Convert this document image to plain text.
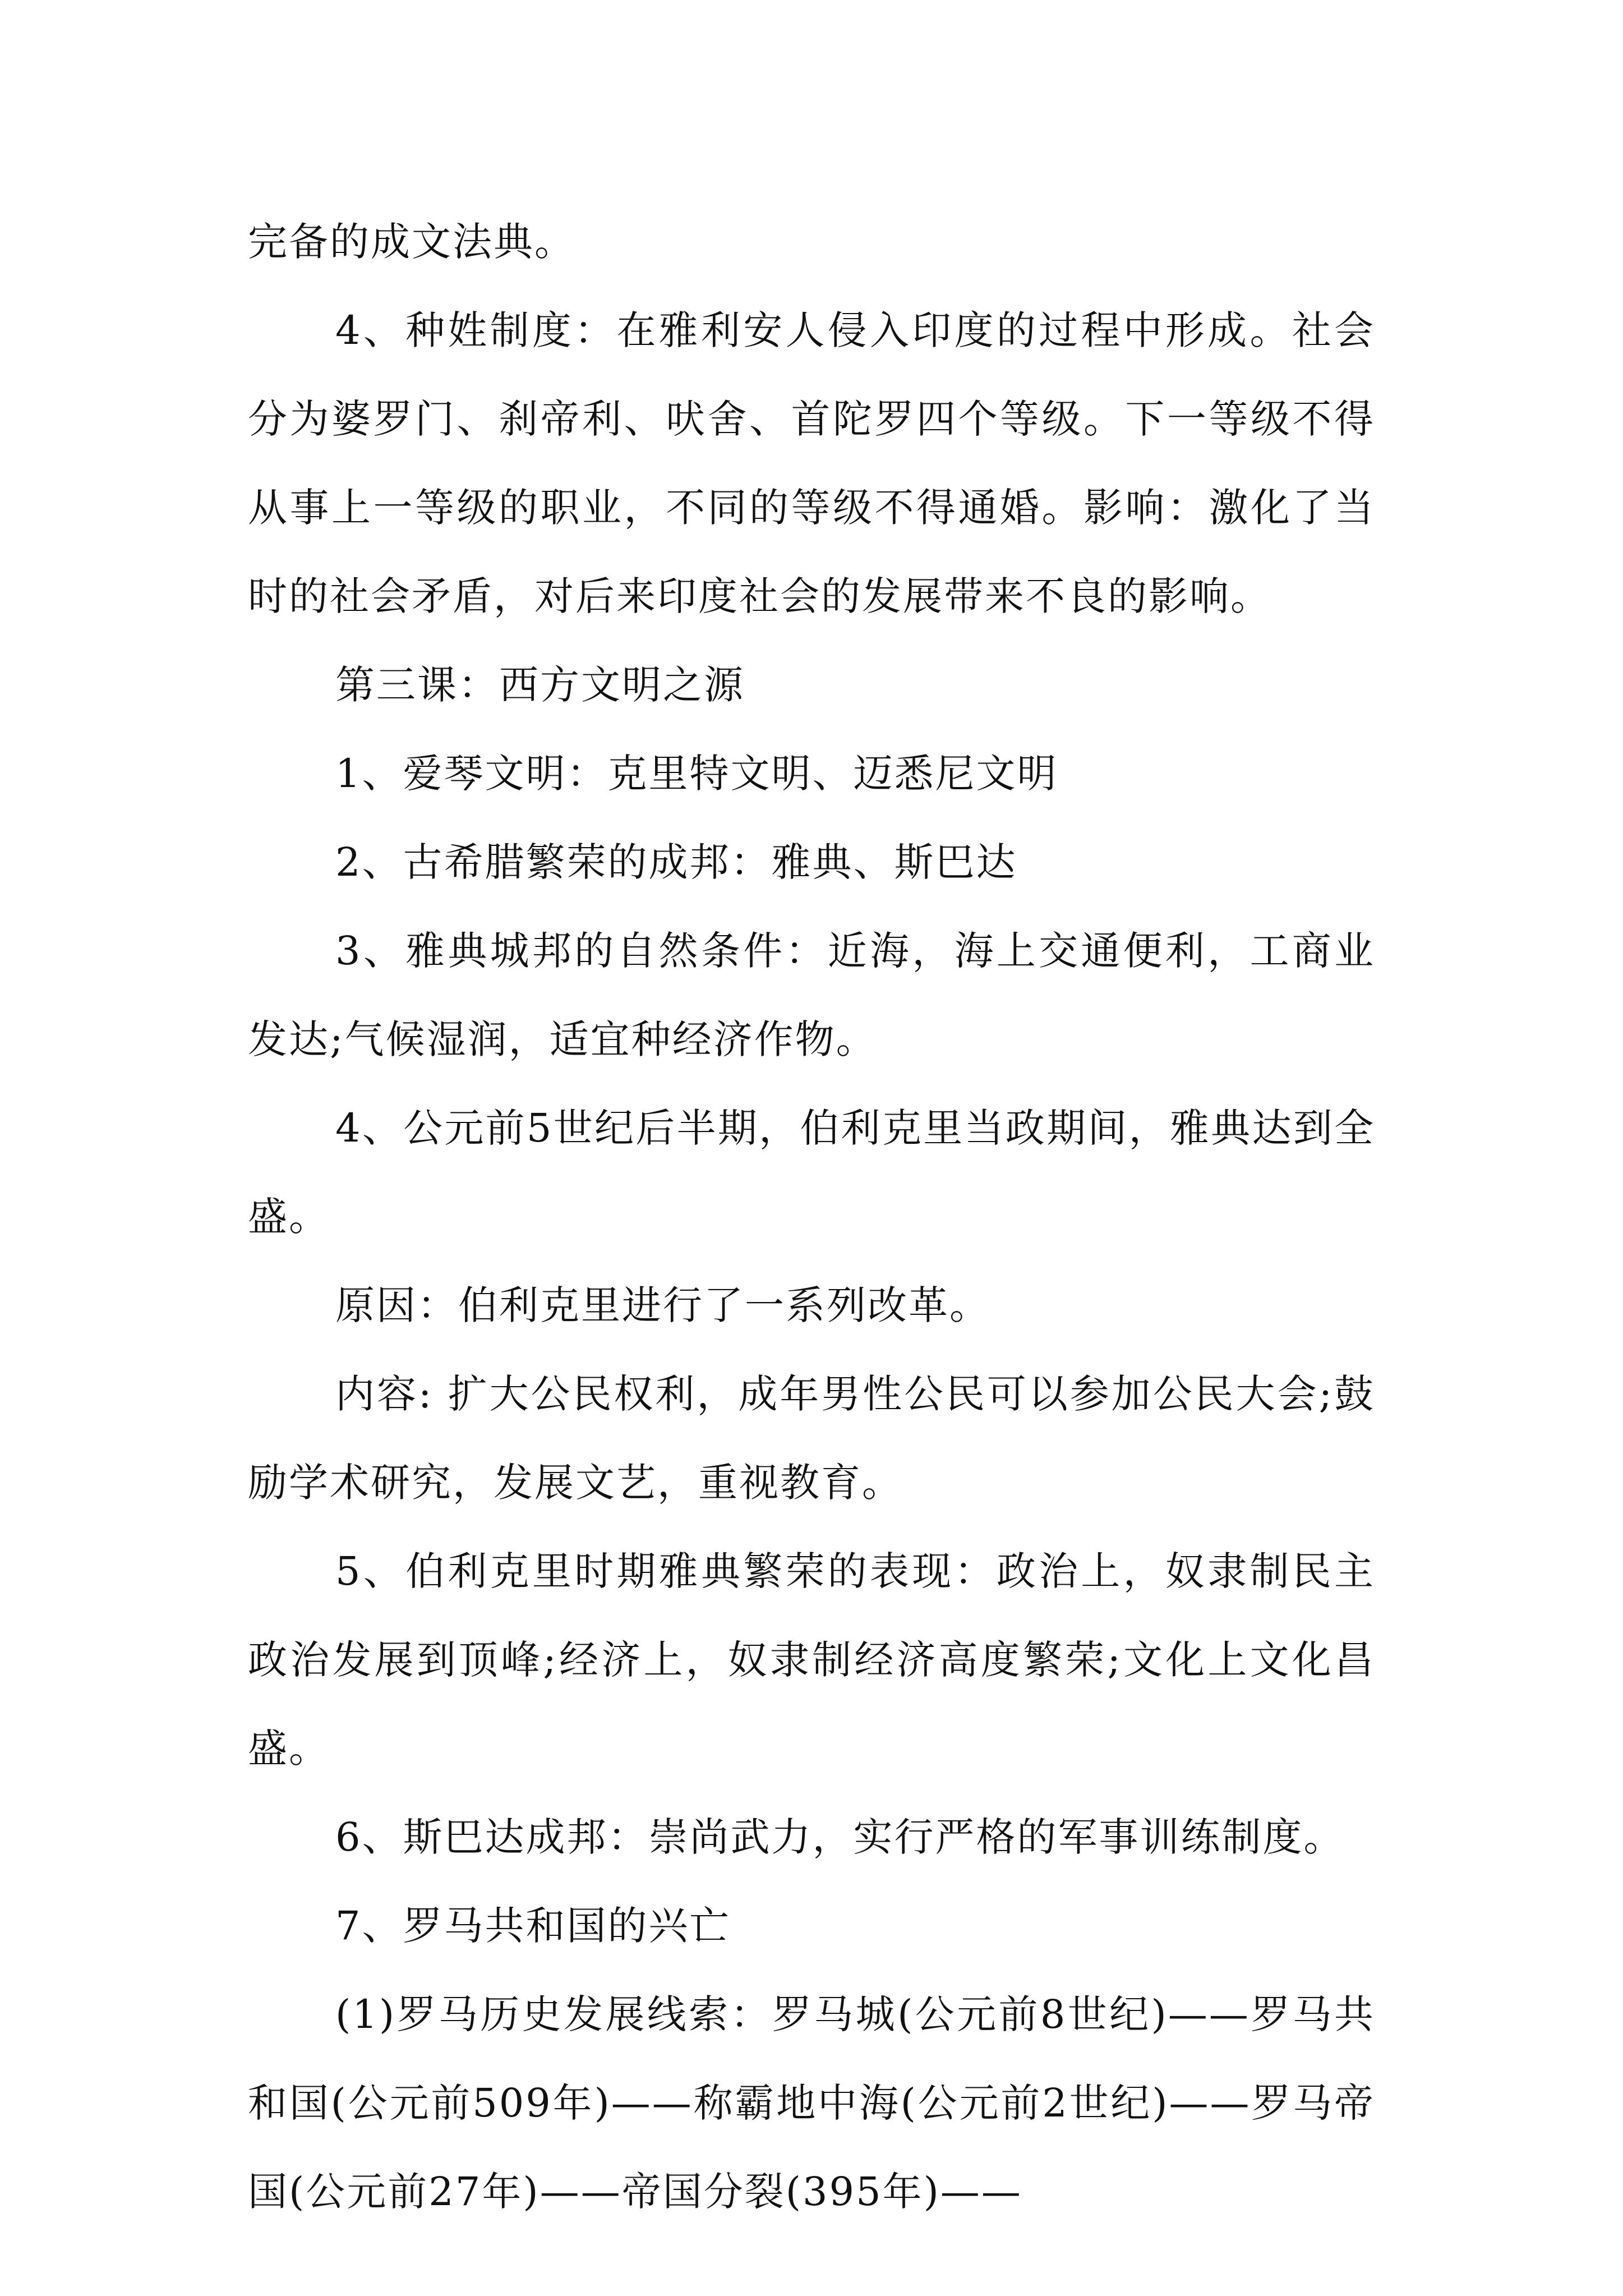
完备的成文法典。

4、种姓制度：在雅利安人侵入印度的过程中形成。社会分为婆罗门、刹帝利、吠舍、首陀罗四个等级。下一等级不得从事上一等级的职业，不同的等级不得通婚。影响：激化了当时的社会矛盾，对后来印度社会的发展带来不良的影响。

第三课：西方文明之源

1、爱琴文明：克里特文明、迈悉尼文明

2、古希腊繁荣的成邦：雅典、斯巴达

3、雅典城邦的自然条件：近海，海上交通便利，工商业发达;气候湿润，适宜种经济作物。

4、公元前5世纪后半期，伯利克里当政期间，雅典达到全盛。

原因：伯利克里进行了一系列改革。

内容: 扩大公民权利，成年男性公民可以参加公民大会;鼓励学术研究，发展文艺，重视教育。

5、伯利克里时期雅典繁荣的表现：政治上，奴隶制民主政治发展到顶峰;经济上，奴隶制经济高度繁荣;文化上文化昌盛。

6、斯巴达成邦：崇尚武力，实行严格的军事训练制度。

7、罗马共和国的兴亡

(1)罗马历史发展线索：罗马城(公元前8世纪)——罗马共和国(公元前509年)——称霸地中海(公元前2世纪)——罗马帝国(公元前27年)——帝国分裂(395年)——
